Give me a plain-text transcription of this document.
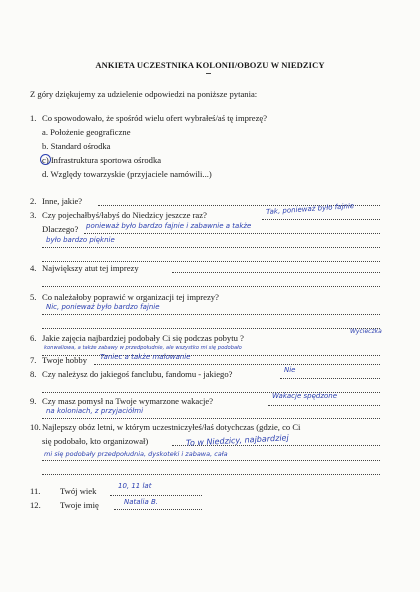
ANKIETA UCZESTNIKA KOLONII/OBOZU W NIEDZICY
Z góry dziękujemy za udzielenie odpowiedzi na poniższe pytania:
1. Co spowodowało, że spośród wielu ofert wybrałeś/aś tę imprezę?
a. Położenie geograficzne
b. Standard ośrodka
c) Infrastruktura sportowa ośrodka
d. Względy towarzyskie (przyjaciele namówili...)
2. Inne, jakie?
3. Czy pojechałbyś/łabyś do Niedzicy jeszcze raz?	Tak, ponieważ było fajnie
Dlaczego? ponieważ było bardzo fajnie i zabawnie a także
było bardzo pięknie
4. Największy atut tej imprezy
5. Co należałoby poprawić w organizacji tej imprezy?
Nic, ponieważ było bardzo fajnie
6. Jakie zajęcia najbardziej podobały Ci się podczas pobytu ?
Wycieczka
konwaliowa, a także zabawy w przedpołudnie, ale wszystko mi się podobało
7. Twoje hobby Taniec a także malowanie
8. Czy należysz do jakiegoś fanclubu, fandomu - jakiego?	Nie
9. Czy masz pomysł na Twoje wymarzone wakacje?	Wakacje spędzone
na koloniach, z przyjaciółmi
10.Najlepszy obóz letni, w którym uczestniczyłeś/łaś dotychczas (gdzie, co Ci
się podobało, kto organizował)	To w Niedzicy, najbardziej
mi się podobały przedpołudnia, dyskoteki i zabawa, cała
11. Twój wiek	10, 11 lat
12. Twoje imię	Natalia B.
